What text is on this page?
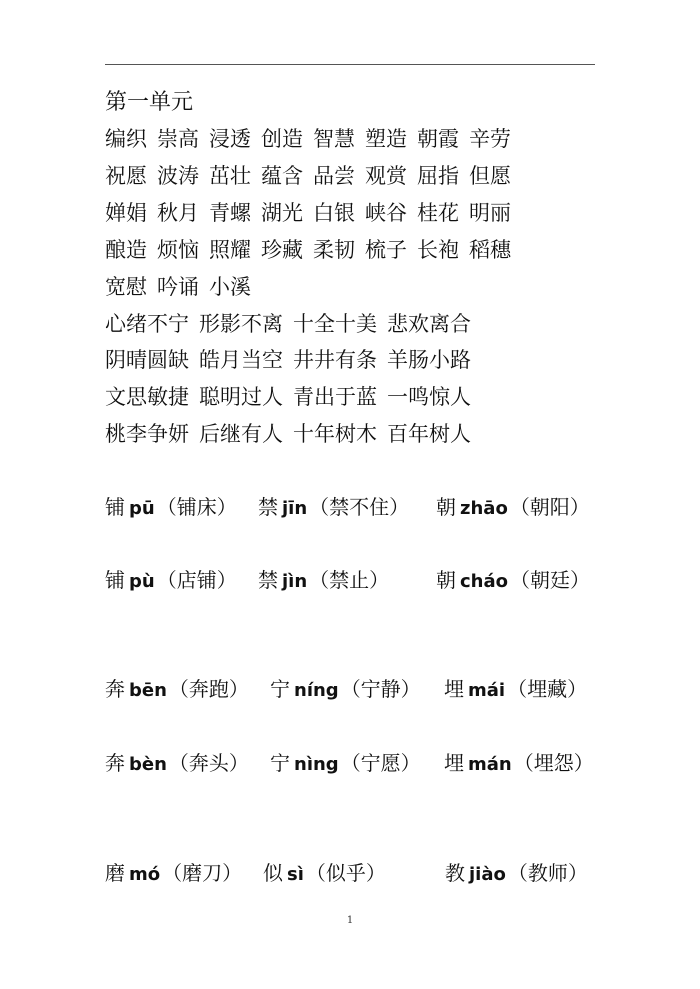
第一单元
编织 崇高 浸透 创造 智慧 塑造 朝霞 辛劳
祝愿 波涛 茁壮 蕴含 品尝 观赏 屈指 但愿
婵娟 秋月 青螺 湖光 白银 峡谷 桂花 明丽
酿造 烦恼 照耀 珍藏 柔韧 梳子 长袍 稻穗
宽慰 吟诵 小溪
心绪不宁 形影不离 十全十美 悲欢离合
阴晴圆缺 皓月当空 井井有条 羊肠小路
文思敏捷 聪明过人 青出于蓝 一鸣惊人
桃李争妍 后继有人 十年树木 百年树人
铺 pū （铺床） 禁 jīn （禁不住） 朝 zhāo （朝阳）
铺 pù （店铺） 禁 jìn （禁止） 朝 cháo （朝廷）
奔 bēn （奔跑） 宁 níng （宁静） 埋 mái （埋藏）
奔 bèn （奔头） 宁 nìng （宁愿） 埋 mán （埋怨）
磨 mó （磨刀） 似 sì （似乎）	教 jiào （教师）
1
